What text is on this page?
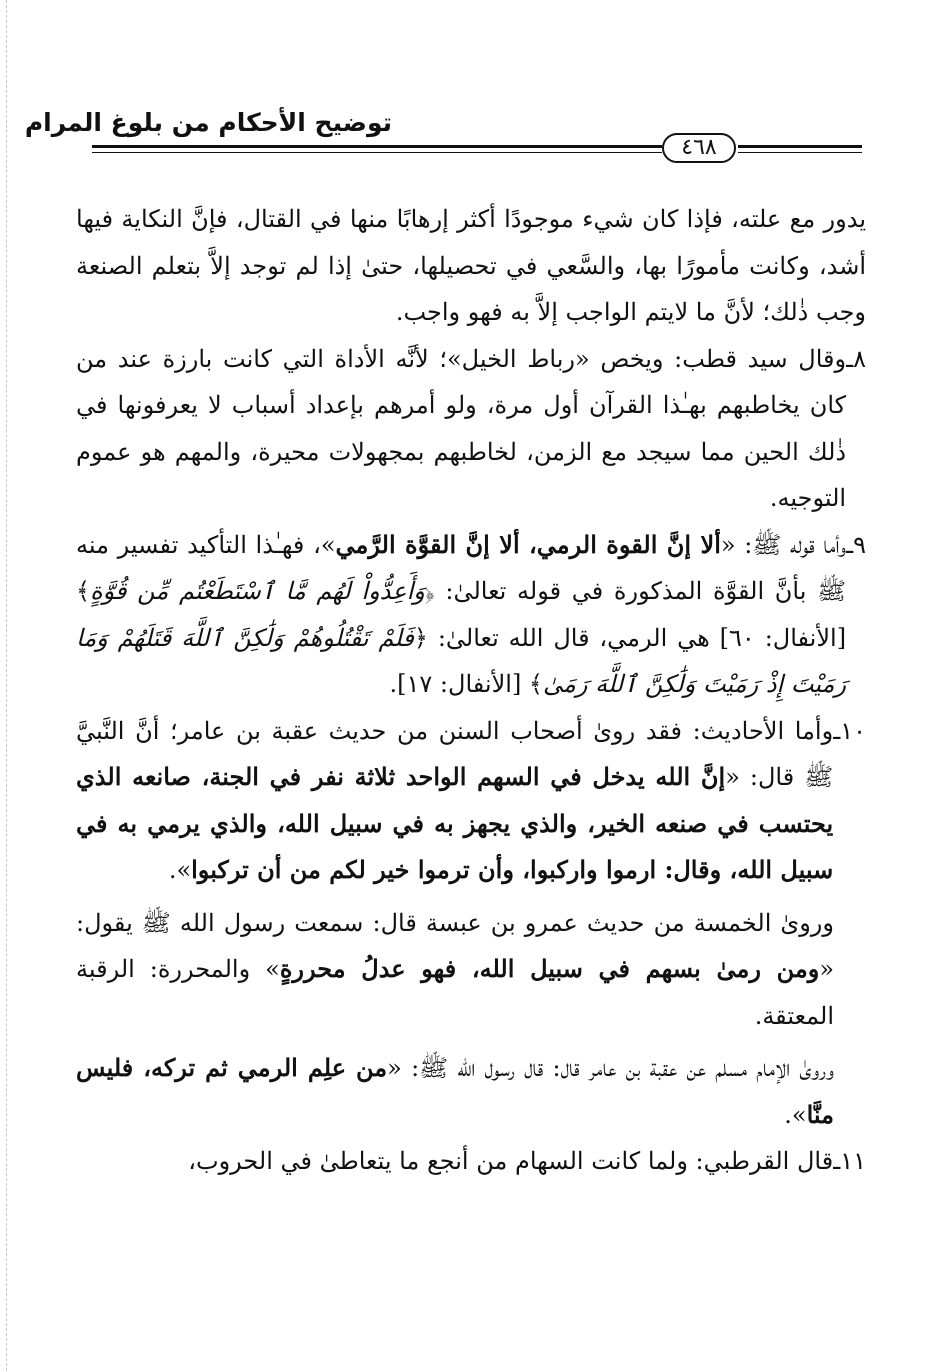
توضيح الأحكام من بلوغ المرام
٤٦٨

يدور مع علته، فإذا كان شيء موجودًا أكثر إرهابًا منها في القتال، فإنَّ النكاية فيها أشد، وكانت مأمورًا بها، والسَّعي في تحصيلها، حتىٰ إذا لم توجد إلاَّ بتعلم الصنعة وجب ذٰلك؛ لأنَّ ما لايتم الواجب إلاَّ به فهو واجب.

٨ـ
وقال سيد قطب: ويخص «رباط الخيل»؛ لأنَّه الأداة التي كانت بارزة عند من كان يخاطبهم بهـٰذا القرآن أول مرة، ولو أمرهم بإعداد أسباب لا يعرفونها في ذٰلك الحين مما سيجد مع الزمن، لخاطبهم بمجهولات محيرة، والمهم هو عموم التوجيه.
٩ـ
وأما قوله ﷺ: «ألا إنَّ القوة الرمي، ألا إنَّ القوَّة الرَّمي»، فهـٰذا التأكيد تفسير منه ﷺ بأنَّ القوَّة المذكورة في قوله تعالىٰ: ﴿وَأَعِدُّواْ لَهُم مَّا ٱسْتَطَعْتُم مِّن قُوَّةٍ﴾ [الأنفال: ٦٠] هي الرمي، قال الله تعالىٰ: ﴿فَلَمْ تَقْتُلُوهُمْ وَلَٰكِنَّ ٱللَّهَ قَتَلَهُمْ وَمَا رَمَيْتَ إِذْ رَمَيْتَ وَلَٰكِنَّ ٱللَّهَ رَمَىٰ﴾ [الأنفال: ١٧].
١٠ـ
وأما الأحاديث: فقد روىٰ أصحاب السنن من حديث عقبة بن عامر؛ أنَّ النَّبيَّ ﷺ قال: «إنَّ الله يدخل في السهم الواحد ثلاثة نفر في الجنة، صانعه الذي يحتسب في صنعه الخير، والذي يجهز به في سبيل الله، والذي يرمي به في سبيل الله، وقال: ارموا واركبوا، وأن ترموا خير لكم من أن تركبوا».

وروىٰ الخمسة من حديث عمرو بن عبسة قال: سمعت رسول الله ﷺ يقول: «ومن رمىٰ بسهم في سبيل الله، فهو عدلُ محررةٍ» والمحررة: الرقبة المعتقة.

وروىٰ الإمام مسلم عن عقبة بن عامر قال: قال رسول الله ﷺ: «من علِم الرمي ثم تركه، فليس منَّا».

١١ـ
قال القرطبي: ولما كانت السهام من أنجع ما يتعاطىٰ في الحروب،
